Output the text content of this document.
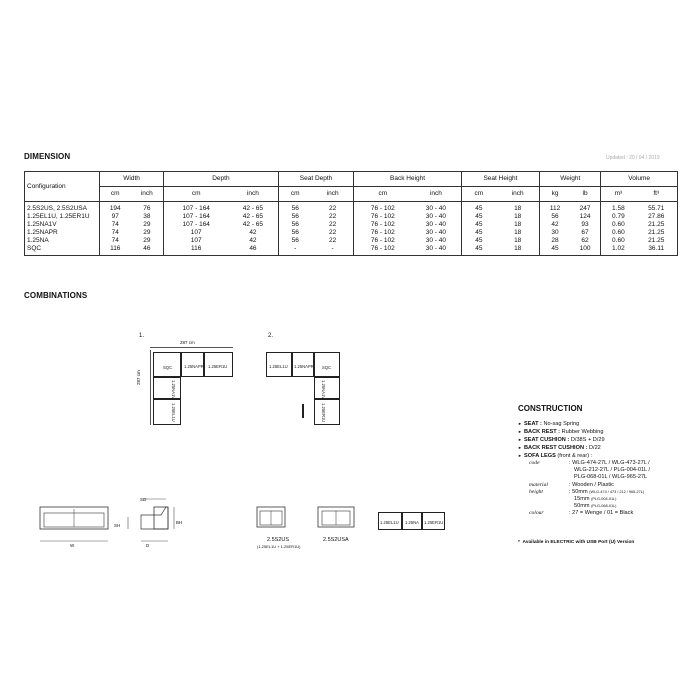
DIMENSION	Updated : 20 / 04 / 2019
Configuration	Width		Depth		Seat Depth		Back Height		Seat Height		Weight		Volume	
	cm	inch	cm	inch	cm	inch	cm	inch	cm	inch	kg	lb	m³	ft³

2.5S2US, 2.5S2USA	194	76	107 - 164	42 - 65	56	22	76 - 102	30 - 40	45	18	112	247	1.58	55.71
1.25EL1U, 1.25ER1U	97	38	107 - 164	42 - 65	56	22	76 - 102	30 - 40	45	18	56	124	0.79	27.86
1.25NA1V	74	29	107 - 164	42 - 65	56	22	76 - 102	30 - 40	45	18	42	93	0.60	21.25
1.25NAPR	74	29	107	42	56	22	76 - 102	30 - 40	45	18	30	67	0.60	21.25
1.25NA	74	29	107	42	56	22	76 - 102	30 - 40	45	18	28	62	0.60	21.25
SQC	116	46	116	46	-	-	76 - 102	30 - 40	45	18	45	100	1.02	36.11
COMBINATIONS
1.
287 cm
287 cm
SQC	1.25NAPR 1.25ER1U
1.25NA1V
1.25EL1U
2.
1.25EL1U 1.25NAPR SQC
1.25NA1V
1.25ER1U
W
SD
SH
D
BH
2.5S2US
(1.25EL1U + 1.25ER1U)
2.5S2USA
1.25EL1U 1.25NA 1.25ER1U
CONSTRUCTION
► SEAT : No-sag Spring
► BACK REST : Rubber Webbing
► SEAT CUSHION : D/38S + D/29
► BACK REST CUSHION : D/22
► SOFA LEGS (front & rear) :
code	: WLG-474-27L / WLG-473-27L /
WLG-212-27L / PLG-004-01L /
PLG-068-01L / WLG-965-27L
material	: Wooden / Plastic
height	: 50mm (WLG-474 / 473 / 212 / 965-27L)
15mm (PLG-004-01L)
50mm (PLG-068-01L)
colour	: 27 = Wenge / 01 = Black
*  Available in ELECTRIC with USB Port (U) Version
